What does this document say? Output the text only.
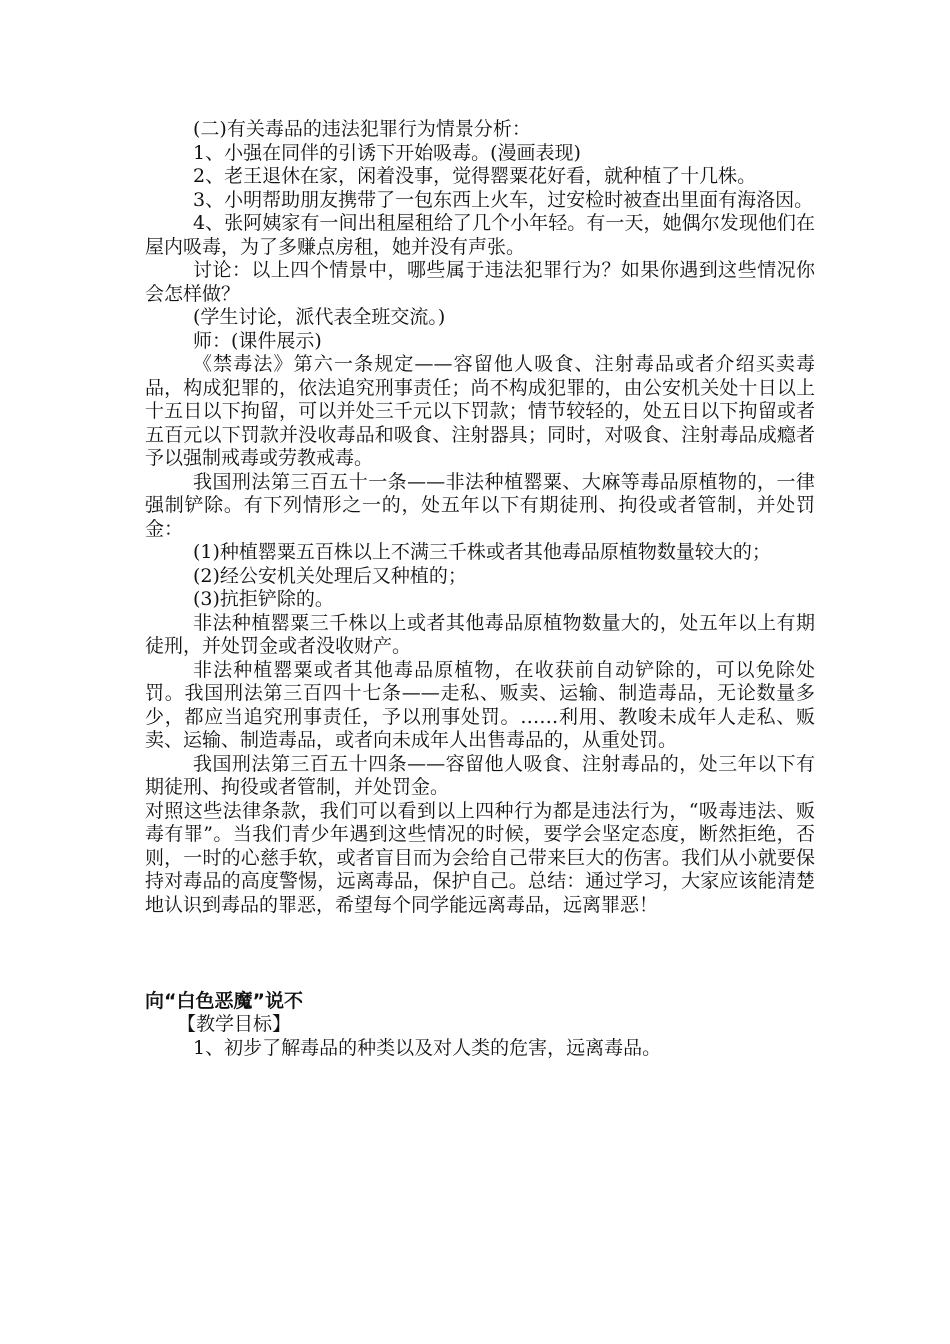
(二)有关毒品的违法犯罪行为情景分析：

1、小强在同伴的引诱下开始吸毒。(漫画表现)

2、老王退休在家，闲着没事，觉得罂粟花好看，就种植了十几株。

3、小明帮助朋友携带了一包东西上火车，过安检时被查出里面有海洛因。

4、张阿姨家有一间出租屋租给了几个小年轻。有一天，她偶尔发现他们在屋内吸毒，为了多赚点房租，她并没有声张。

讨论：以上四个情景中，哪些属于违法犯罪行为？如果你遇到这些情况你会怎样做？

(学生讨论，派代表全班交流。)

师：(课件展示)

《禁毒法》第六一条规定——容留他人吸食、注射毒品或者介绍买卖毒品，构成犯罪的，依法追究刑事责任；尚不构成犯罪的，由公安机关处十日以上十五日以下拘留，可以并处三千元以下罚款；情节较轻的，处五日以下拘留或者五百元以下罚款并没收毒品和吸食、注射器具；同时，对吸食、注射毒品成瘾者予以强制戒毒或劳教戒毒。

我国刑法第三百五十一条——非法种植罂粟、大麻等毒品原植物的，一律强制铲除。有下列情形之一的，处五年以下有期徒刑、拘役或者管制，并处罚金：

(1)种植罂粟五百株以上不满三千株或者其他毒品原植物数量较大的；

(2)经公安机关处理后又种植的；

(3)抗拒铲除的。

非法种植罂粟三千株以上或者其他毒品原植物数量大的，处五年以上有期徒刑，并处罚金或者没收财产。

非法种植罂粟或者其他毒品原植物，在收获前自动铲除的，可以免除处罚。我国刑法第三百四十七条——走私、贩卖、运输、制造毒品，无论数量多少，都应当追究刑事责任，予以刑事处罚。……利用、教唆未成年人走私、贩卖、运输、制造毒品，或者向未成年人出售毒品的，从重处罚。

我国刑法第三百五十四条——容留他人吸食、注射毒品的，处三年以下有期徒刑、拘役或者管制，并处罚金。

对照这些法律条款，我们可以看到以上四种行为都是违法行为，“吸毒违法、贩毒有罪”。当我们青少年遇到这些情况的时候，要学会坚定态度，断然拒绝，否则，一时的心慈手软，或者盲目而为会给自己带来巨大的伤害。我们从小就要保持对毒品的高度警惕，远离毒品，保护自己。总结：通过学习，大家应该能清楚地认识到毒品的罪恶，希望每个同学能远离毒品，远离罪恶！

向“白色恶魔”说不

【教学目标】

1、初步了解毒品的种类以及对人类的危害，远离毒品。
